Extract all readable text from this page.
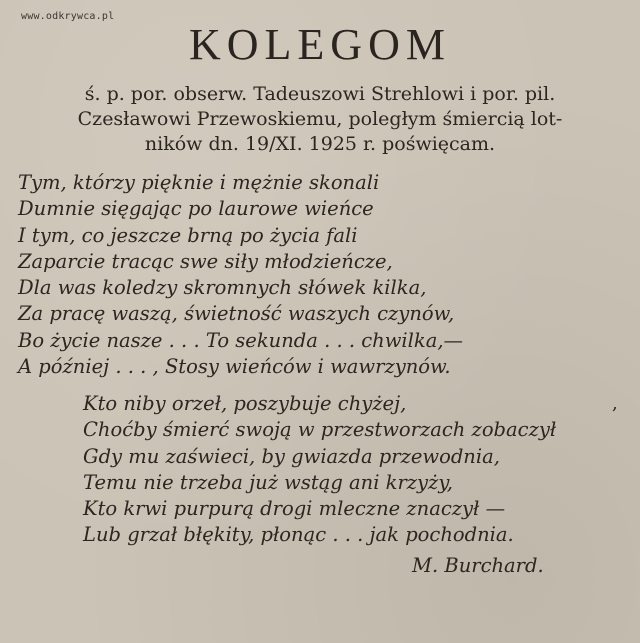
www.odkrywca.pl
KOLEGOM
ś. p. por. obserw. Tadeuszowi Strehlowi i por. pil.
Czesławowi Przewoskiemu, poległym śmiercią lot-
ników dn. 19/XI. 1925 r. poświęcam.
Tym, którzy pięknie i mężnie skonali
Dumnie sięgając po laurowe wieńce
I tym, co jeszcze brną po życia fali
Zaparcie tracąc swe siły młodzieńcze,
Dla was koledzy skromnych słówek kilka,
Za pracę waszą, świetność waszych czynów,
Bo życie nasze . . . To sekunda . . . chwilka,—
A później . . . , Stosy wieńców i wawrzynów.
Kto niby orzeł, poszybuje chyżej,
Choćby śmierć swoją w przestworzach zobaczył
Gdy mu zaświeci, by gwiazda przewodnia,
Temu nie trzeba już wstąg ani krzyży,
Kto krwi purpurą drogi mleczne znaczył —
Lub grzał błękity, płonąc . . . jak pochodnia.
,
M. Burchard.
